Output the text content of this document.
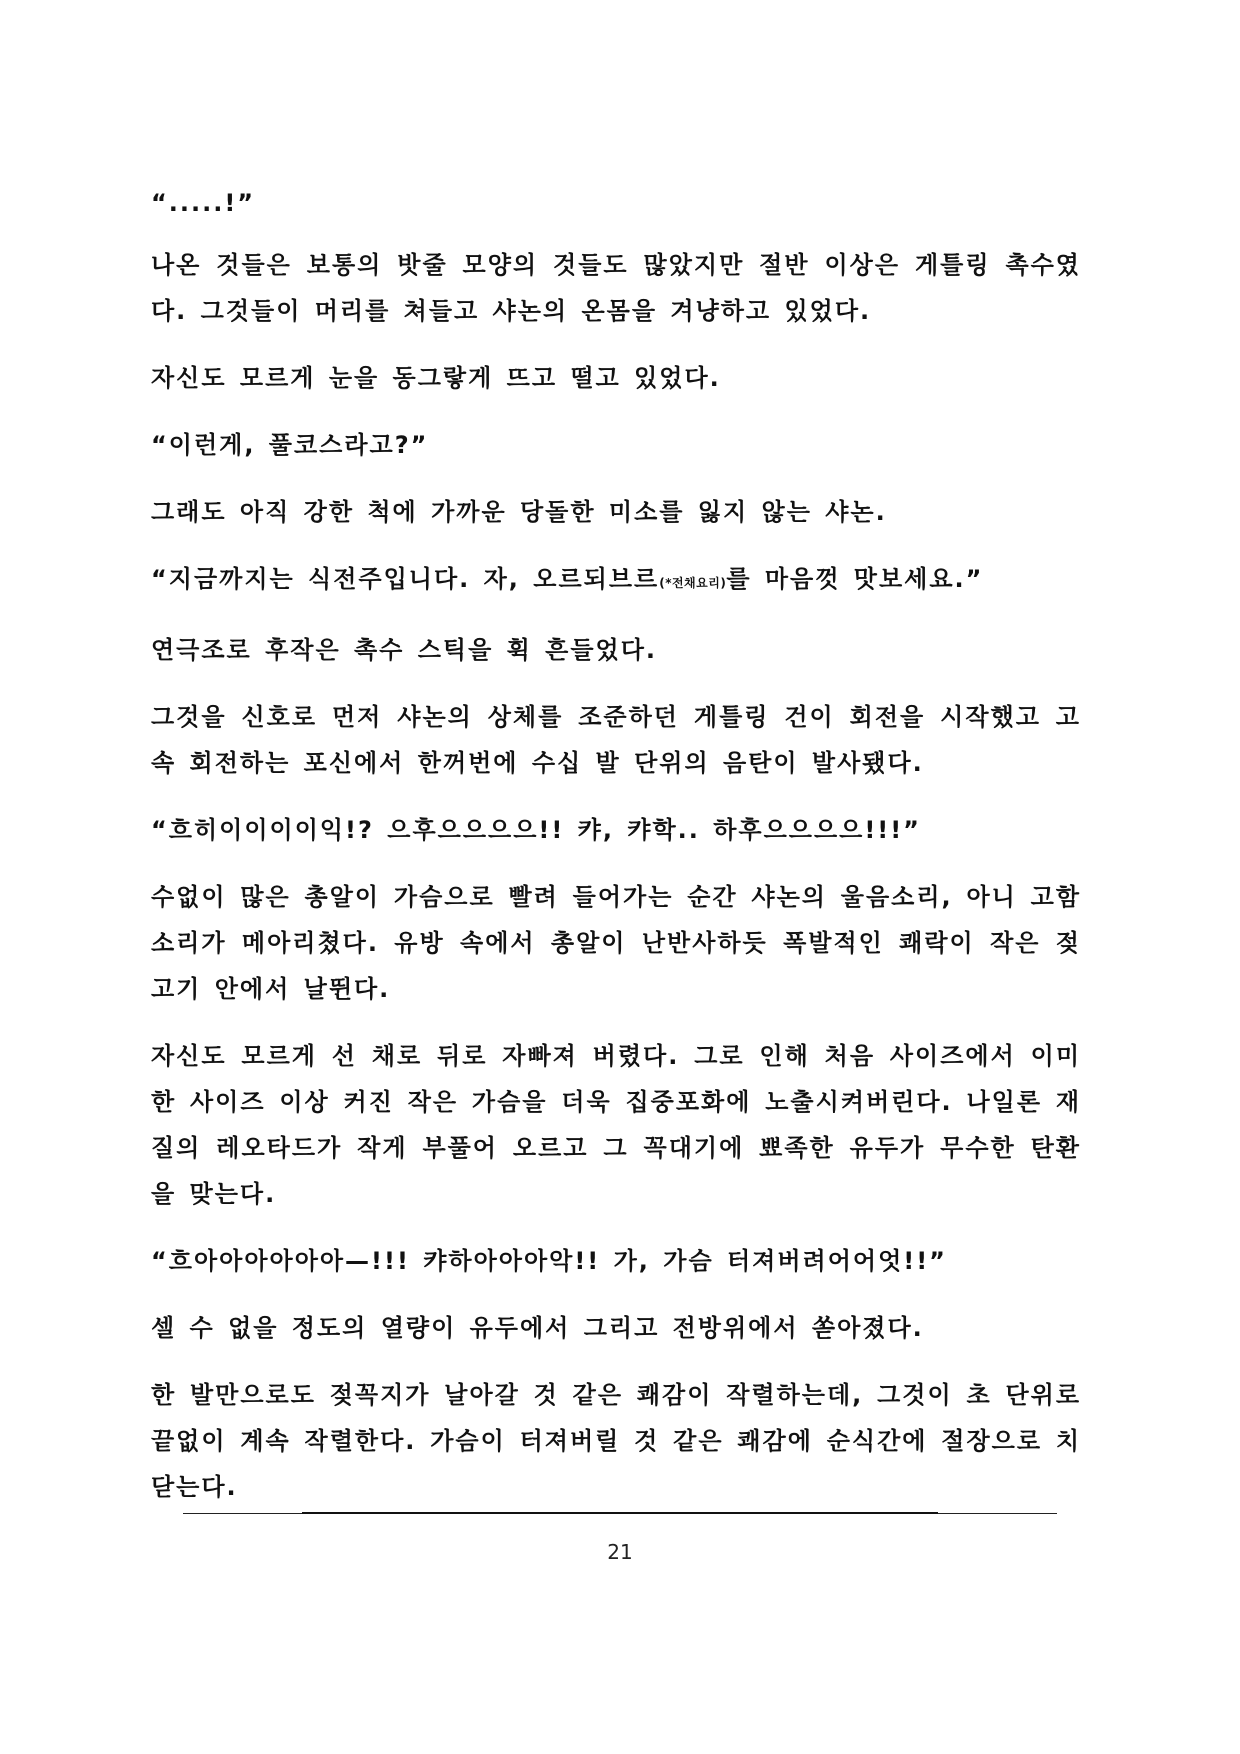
“.....!”

나온 것들은 보통의 밧줄 모양의 것들도 많았지만 절반 이상은 게틀링 촉수였다. 그것들이 머리를 쳐들고 샤논의 온몸을 겨냥하고 있었다.

자신도 모르게 눈을 동그랗게 뜨고 떨고 있었다.

“이런게, 풀코스라고?”

그래도 아직 강한 척에 가까운 당돌한 미소를 잃지 않는 샤논.

“지금까지는 식전주입니다. 자, 오르되브르(*전채요리)를 마음껏 맛보세요.”

연극조로 후작은 촉수 스틱을 휙 흔들었다.

그것을 신호로 먼저 샤논의 상체를 조준하던 게틀링 건이 회전을 시작했고 고속 회전하는 포신에서 한꺼번에 수십 발 단위의 음탄이 발사됐다.

“흐히이이이이익!? 으후으으으으!! 캬, 캬학.. 하후으으으으!!!”

수없이 많은 총알이 가슴으로 빨려 들어가는 순간 샤논의 울음소리, 아니 고함소리가 메아리쳤다. 유방 속에서 총알이 난반사하듯 폭발적인 쾌락이 작은 젖고기 안에서 날뛴다.

자신도 모르게 선 채로 뒤로 자빠져 버렸다. 그로 인해 처음 사이즈에서 이미 한 사이즈 이상 커진 작은 가슴을 더욱 집중포화에 노출시켜버린다. 나일론 재질의 레오타드가 작게 부풀어 오르고 그 꼭대기에 뾰족한 유두가 무수한 탄환을 맞는다.

“흐아아아아아아—!!! 캬하아아아악!! 가, 가슴 터져버려어어엇!!”

셀 수 없을 정도의 열량이 유두에서 그리고 전방위에서 쏟아졌다.

한 발만으로도 젖꼭지가 날아갈 것 같은 쾌감이 작렬하는데, 그것이 초 단위로 끝없이 계속 작렬한다. 가슴이 터져버릴 것 같은 쾌감에 순식간에 절장으로 치닫는다.

21
